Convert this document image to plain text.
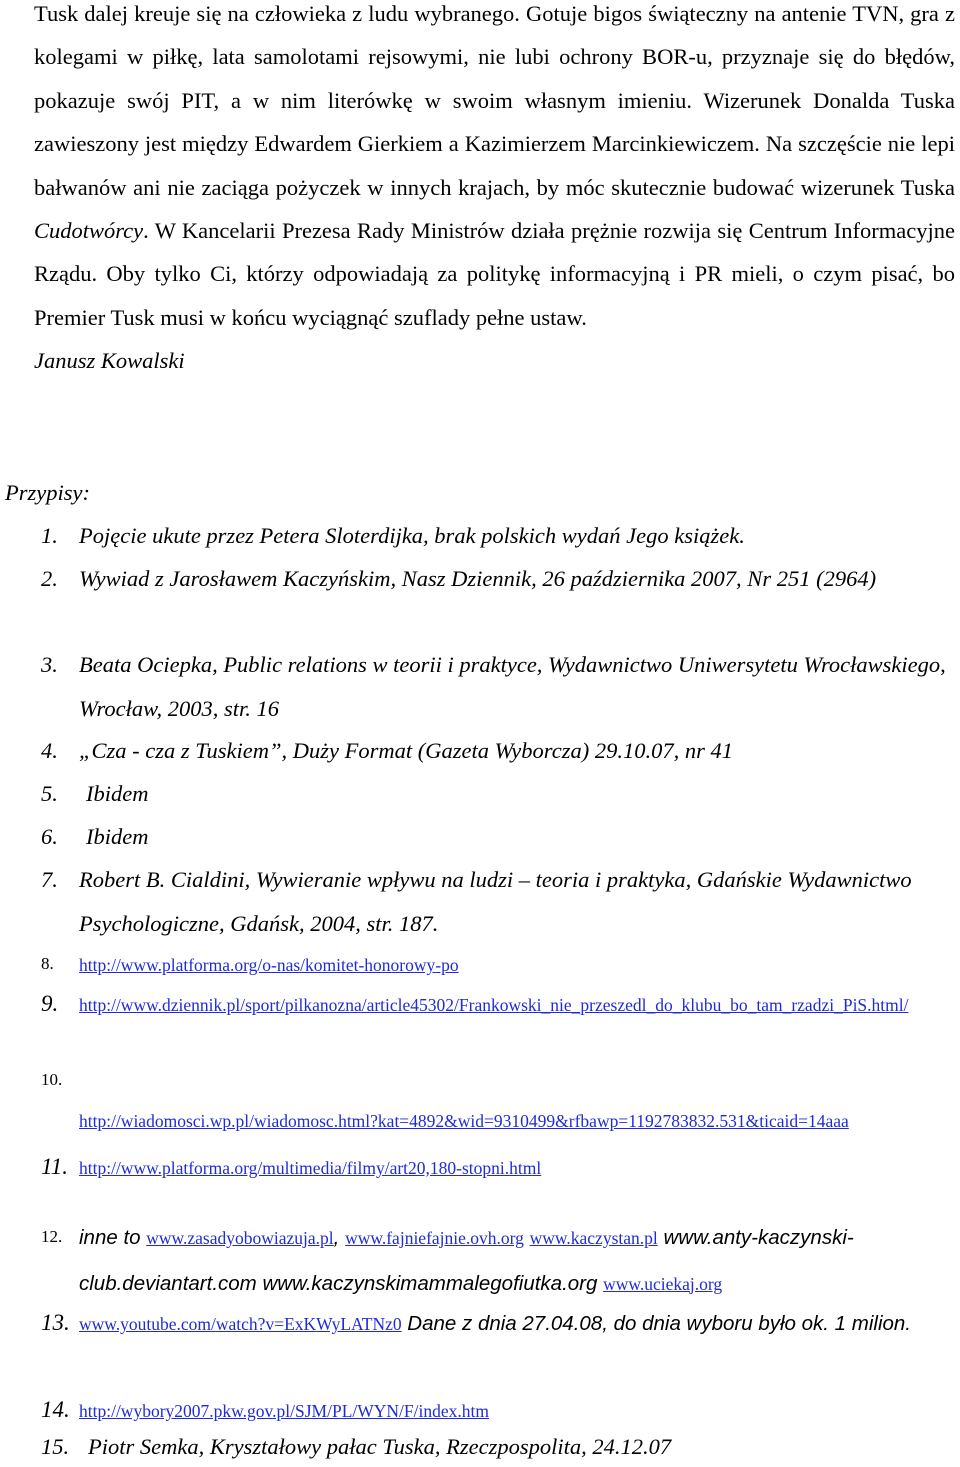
Tusk dalej kreuje się na człowieka z ludu wybranego. Gotuje bigos świąteczny na antenie TVN, gra z kolegami w piłkę, lata samolotami rejsowymi, nie lubi ochrony BOR-u, przyznaje się do błędów, pokazuje swój PIT, a w nim literówkę w swoim własnym imieniu. Wizerunek Donalda Tuska zawieszony jest między Edwardem Gierkiem a Kazimierzem Marcinkiewiczem. Na szczęście nie lepi bałwanów ani nie zaciąga pożyczek w innych krajach, by móc skutecznie budować wizerunek Tuska Cudotwórcy. W Kancelarii Prezesa Rady Ministrów działa prężnie rozwija się Centrum Informacyjne Rządu. Oby tylko Ci, którzy odpowiadają za politykę informacyjną i PR mieli, o czym pisać, bo Premier Tusk musi w końcu wyciągnąć szuflady pełne ustaw.
Janusz Kowalski

Przypisy:

1. Pojęcie ukute przez Petera Sloterdijka, brak polskich wydań Jego książek.
2. Wywiad z Jarosławem Kaczyńskim, Nasz Dziennik, 26 października 2007, Nr 251 (2964)
3. Beata Ociepka, Public relations w teorii i praktyce, Wydawnictwo Uniwersytetu Wrocławskiego, Wrocław, 2003, str. 16
4. „Cza - cza z Tuskiem”, Duży Format (Gazeta Wyborcza) 29.10.07, nr 41
5. Ibidem
6. Ibidem
7. Robert B. Cialdini, Wywieranie wpływu na ludzi – teoria i praktyka, Gdańskie Wydawnictwo Psychologiczne, Gdańsk, 2004, str. 187.
8. http://www.platforma.org/o-nas/komitet-honorowy-po
9. http://www.dziennik.pl/sport/pilkanozna/article45302/Frankowski_nie_przeszedl_do_klubu_bo_tam_rzadzi_PiS.html/
10.
http://wiadomosci.wp.pl/wiadomosc.html?kat=4892&wid=9310499&rfbawp=1192783832.531&ticaid=14aaa
11. http://www.platforma.org/multimedia/filmy/art20,180-stopni.html
12. inne to www.zasadyobowiazuja.pl, www.fajniefajnie.ovh.org www.kaczystan.pl www.anty-kaczynski-club.deviantart.com www.kaczynskimammalegofiutka.org www.uciekaj.org
13. www.youtube.com/watch?v=ExKWyLATNz0 Dane z dnia 27.04.08, do dnia wyboru było ok. 1 milion.
14. http://wybory2007.pkw.gov.pl/SJM/PL/WYN/F/index.htm
15. Piotr Semka, Kryształowy pałac Tuska, Rzeczpospolita, 24.12.07
